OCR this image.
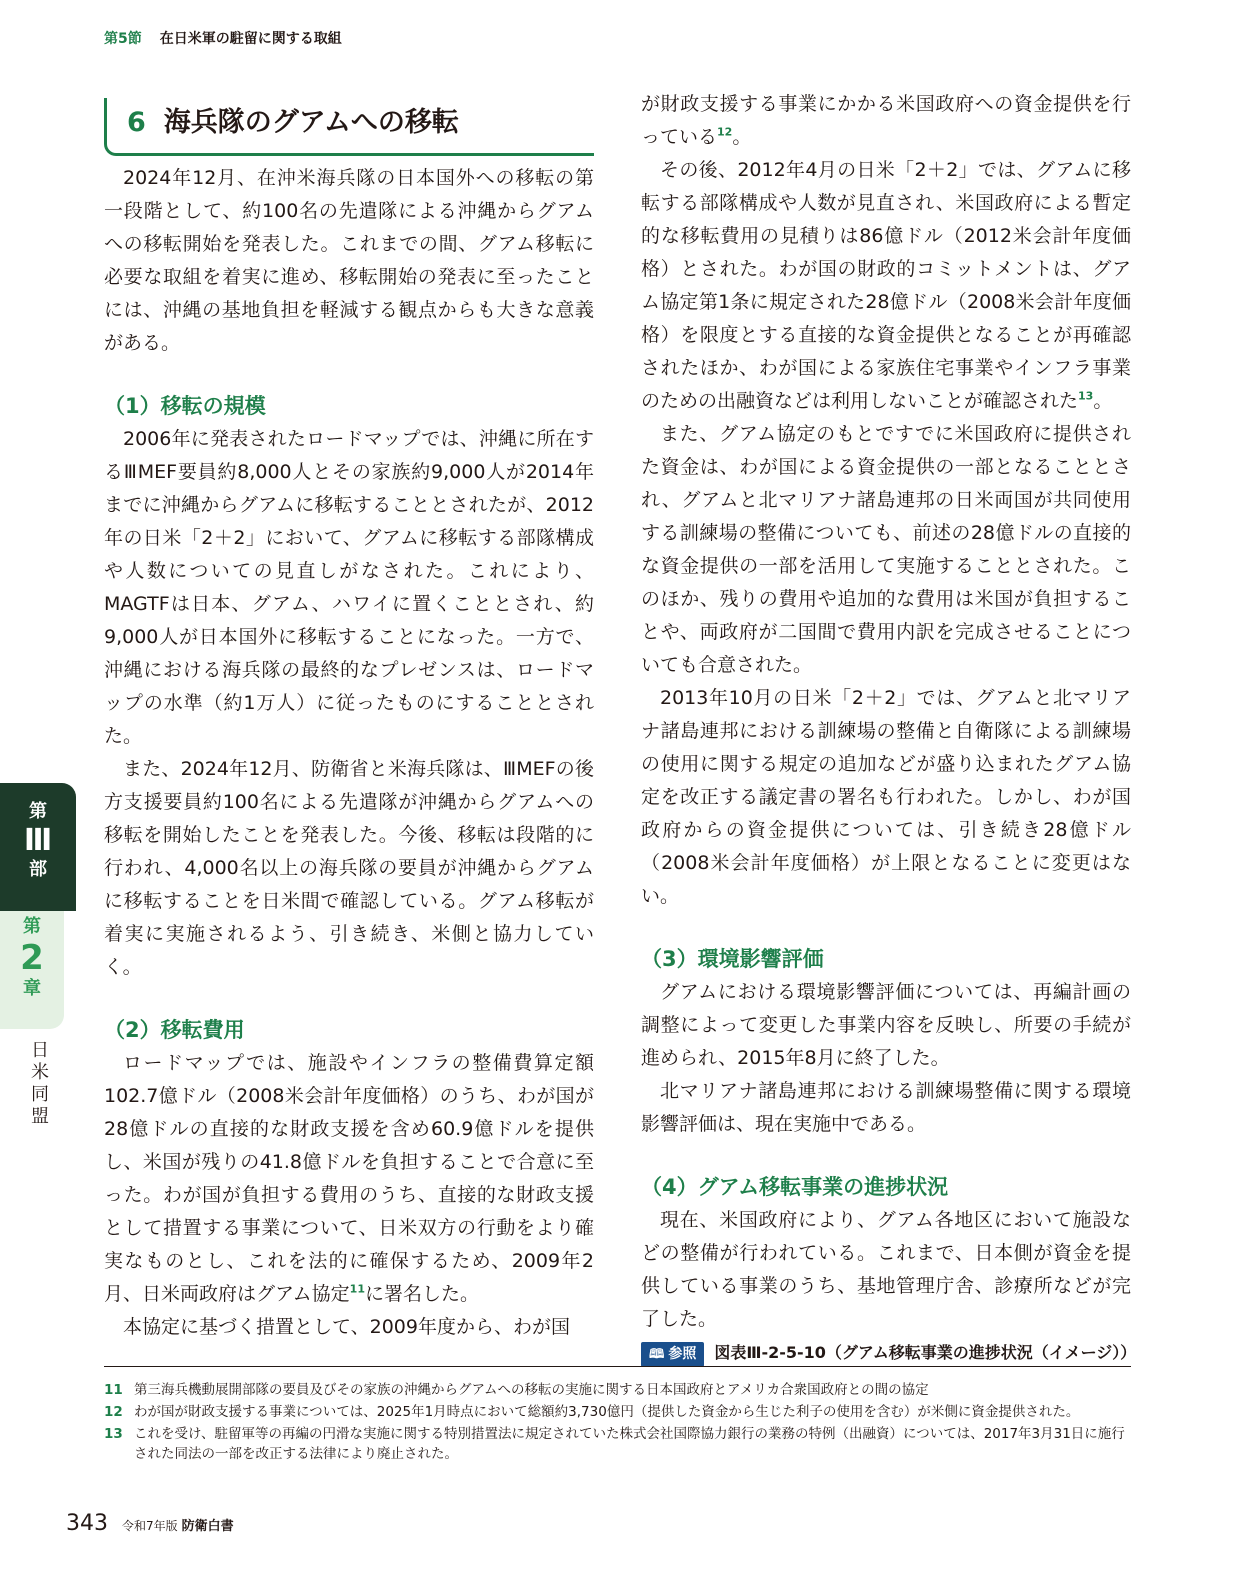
第5節 在日米軍の駐留に関する取組
第
Ⅲ
部
第
2
章
日
米
同
盟
6 海兵隊のグアムへの移転

2024年12月、在沖米海兵隊の日本国外への移転の第一段階として、約100名の先遣隊による沖縄からグアムへの移転開始を発表した。これまでの間、グアム移転に必要な取組を着実に進め、移転開始の発表に至ったことには、沖縄の基地負担を軽減する観点からも大きな意義がある。

（1）移転の規模

2006年に発表されたロードマップでは、沖縄に所在するⅢMEF要員約8,000人とその家族約9,000人が2014年までに沖縄からグアムに移転することとされたが、2012年の日米「2＋2」において、グアムに移転する部隊構成や人数についての見直しがなされた。これにより、MAGTFは日本、グアム、ハワイに置くこととされ、約9,000人が日本国外に移転することになった。一方で、沖縄における海兵隊の最終的なプレゼンスは、ロードマップの水準（約1万人）に従ったものにすることとされた。

また、2024年12月、防衛省と米海兵隊は、ⅢMEFの後方支援要員約100名による先遣隊が沖縄からグアムへの移転を開始したことを発表した。今後、移転は段階的に行われ、4,000名以上の海兵隊の要員が沖縄からグアムに移転することを日米間で確認している。グアム移転が着実に実施されるよう、引き続き、米側と協力していく。

（2）移転費用

ロードマップでは、施設やインフラの整備費算定額102.7億ドル（2008米会計年度価格）のうち、わが国が28億ドルの直接的な財政支援を含め60.9億ドルを提供し、米国が残りの41.8億ドルを負担することで合意に至った。わが国が負担する費用のうち、直接的な財政支援として措置する事業について、日米双方の行動をより確実なものとし、これを法的に確保するため、2009年2月、日米両政府はグアム協定$^{11}$に署名した。

本協定に基づく措置として、2009年度から、わが国

が財政支援する事業にかかる米国政府への資金提供を行っている$^{12}$。

その後、2012年4月の日米「2＋2」では、グアムに移転する部隊構成や人数が見直され、米国政府による暫定的な移転費用の見積りは86億ドル（2012米会計年度価格）とされた。わが国の財政的コミットメントは、グアム協定第1条に規定された28億ドル（2008米会計年度価格）を限度とする直接的な資金提供となることが再確認されたほか、わが国による家族住宅事業やインフラ事業のための出融資などは利用しないことが確認された$^{13}$。

また、グアム協定のもとですでに米国政府に提供された資金は、わが国による資金提供の一部となることとされ、グアムと北マリアナ諸島連邦の日米両国が共同使用する訓練場の整備についても、前述の28億ドルの直接的な資金提供の一部を活用して実施することとされた。このほか、残りの費用や追加的な費用は米国が負担することや、両政府が二国間で費用内訳を完成させることについても合意された。

2013年10月の日米「2＋2」では、グアムと北マリアナ諸島連邦における訓練場の整備と自衛隊による訓練場の使用に関する規定の追加などが盛り込まれたグアム協定を改正する議定書の署名も行われた。しかし、わが国政府からの資金提供については、引き続き28億ドル（2008米会計年度価格）が上限となることに変更はない。

（3）環境影響評価

グアムにおける環境影響評価については、再編計画の調整によって変更した事業内容を反映し、所要の手続が進められ、2015年8月に終了した。

北マリアナ諸島連邦における訓練場整備に関する環境影響評価は、現在実施中である。

（4）グアム移転事業の進捗状況

現在、米国政府により、グアム各地区において施設などの整備が行われている。これまで、日本側が資金を提供している事業のうち、基地管理庁舎、診療所などが完了した。

🕮 参照 図表Ⅲ-2-5-10（グアム移転事業の進捗状況（イメージ））
11 第三海兵機動展開部隊の要員及びその家族の沖縄からグアムへの移転の実施に関する日本国政府とアメリカ合衆国政府との間の協定
12 わが国が財政支援する事業については、2025年1月時点において総額約3,730億円（提供した資金から生じた利子の使用を含む）が米側に資金提供された。
13 これを受け、駐留軍等の再編の円滑な実施に関する特別措置法に規定されていた株式会社国際協力銀行の業務の特例（出融資）については、2017年3月31日に施行された同法の一部を改正する法律により廃止された。
343 令和7年版 防衛白書
